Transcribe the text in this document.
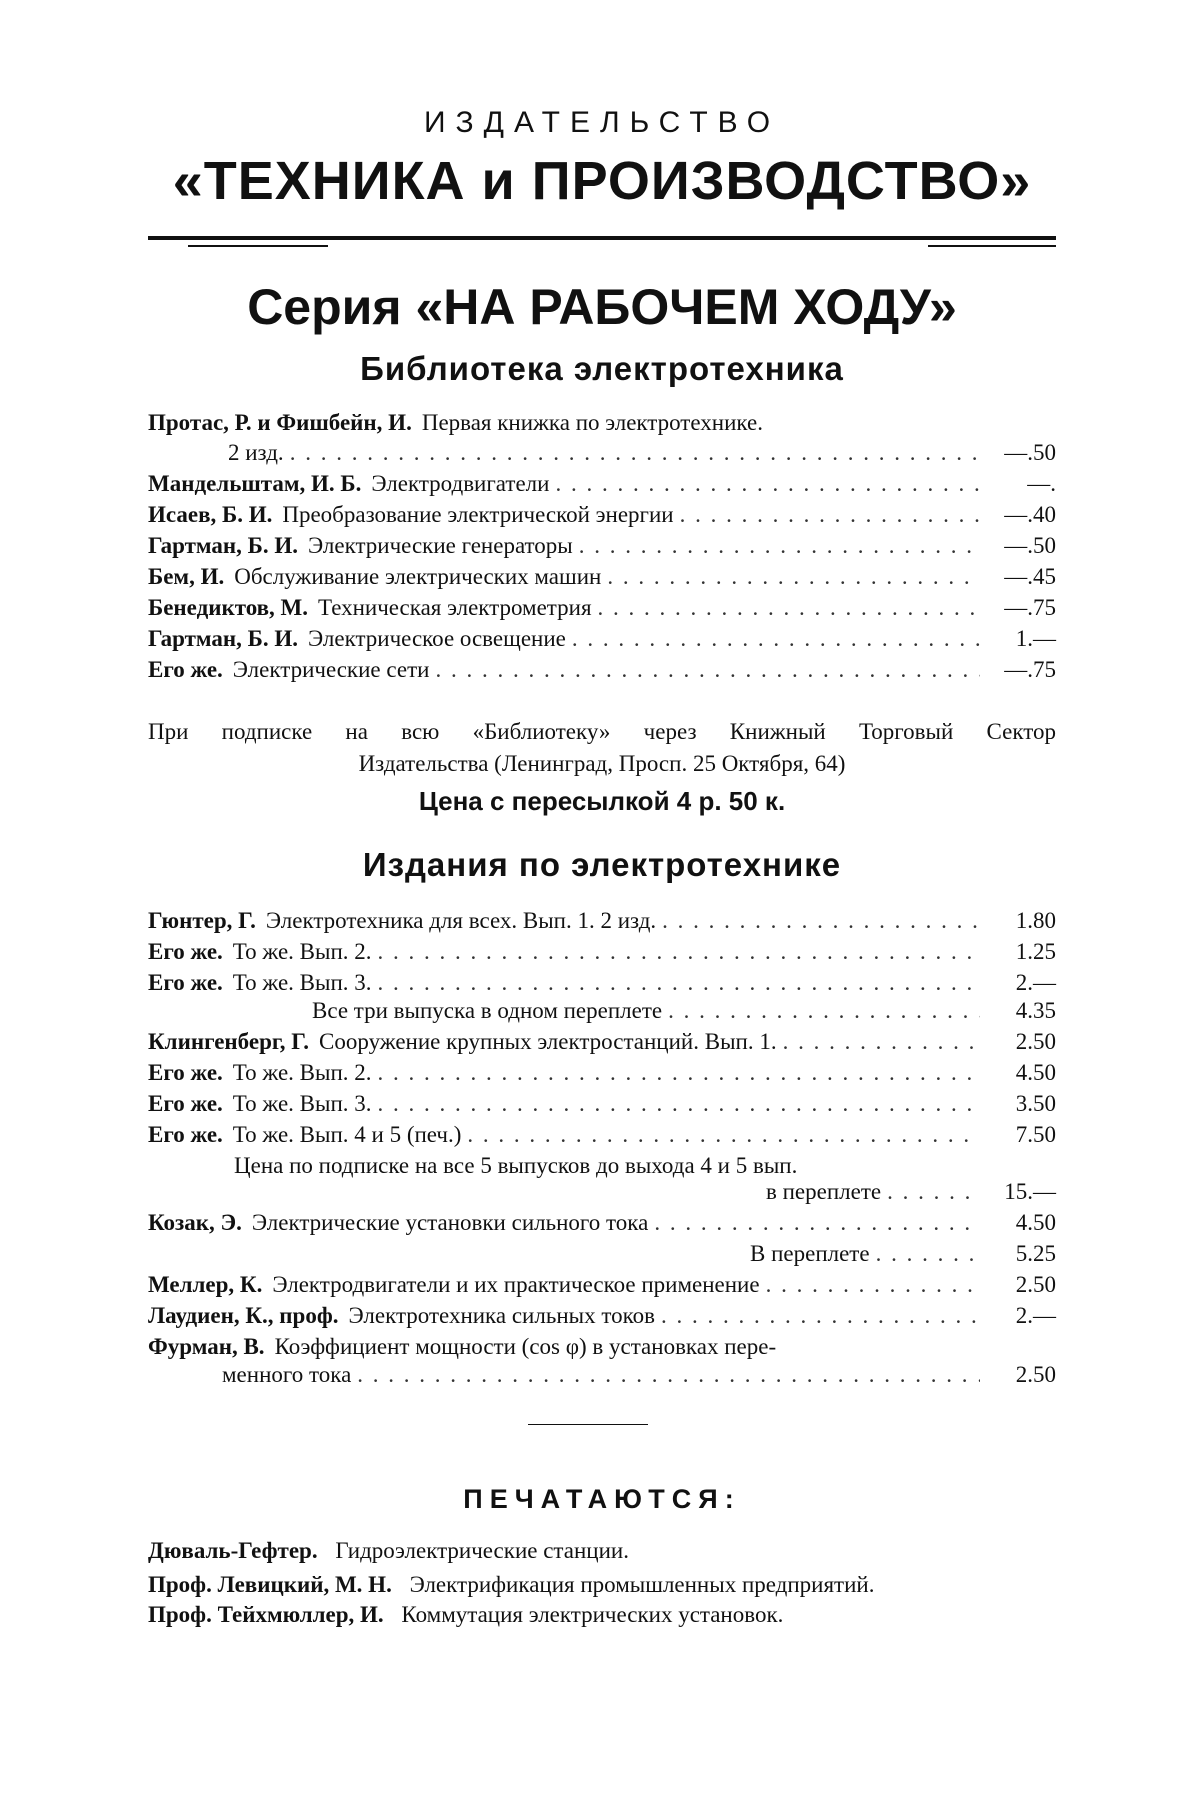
ИЗДАТЕЛЬСТВО
«ТЕХНИКА и ПРОИЗВОДСТВО»
Серия «НА РАБОЧЕМ ХОДУ»
Библиотека электротехника
Протас, Р. и Фишбейн, И. Первая книжка по электротехнике.
2 изд. . . .	—.50
Мандельштам, И. Б. Электродвигатели . . .	—.
Исаев, Б. И. Преобразование электрической энергии . . .	—.40
Гартман, Б. И. Электрические генераторы . . .	—.50
Бем, И. Обслуживание электрических машин . . .	—.45
Бенедиктов, М. Техническая электрометрия . . .	—.75
Гартман, Б. И. Электрическое освещение . . .	1.—
Его же. Электрические сети . . .	—.75
При подписке на всю «Библиотеку» через Книжный Торговый Сектор
Издательства (Ленинград, Просп. 25 Октября, 64)
Цена с пересылкой 4 р. 50 к.
Издания по электротехнике
Гюнтер, Г. Электротехника для всех. Вып. 1. 2 изд. . . .	1.80
Его же. То же. Вып. 2. . . .	1.25
Его же. То же. Вып. 3. . . .	2.—
Все три выпуска в одном переплете . . .	4.35
Клингенберг, Г. Сооружение крупных электростанций. Вып. 1. . . .	2.50
Его же. То же. Вып. 2. . . .	4.50
Его же. То же. Вып. 3. . . .	3.50
Его же. То же. Вып. 4 и 5 (печ.) . . .	7.50
Цена по подписке на все 5 выпусков до выхода 4 и 5 вып.
в переплете . . .	15.—
Козак, Э. Электрические установки сильного тока . . .	4.50
В переплете . . .	5.25
Меллер, К. Электродвигатели и их практическое применение . . .	2.50
Лаудиен, К., проф. Электротехника сильных токов . . .	2.—
Фурман, В. Коэффициент мощности (cos φ) в установках пере-
менного тока . . .	2.50
ПЕЧАТАЮТСЯ:
Дюваль-Гефтер. Гидроэлектрические станции.
Проф. Левицкий, М. Н. Электрификация промышленных предприятий.
Проф. Тейхмюллер, И. Коммутация электрических установок.
